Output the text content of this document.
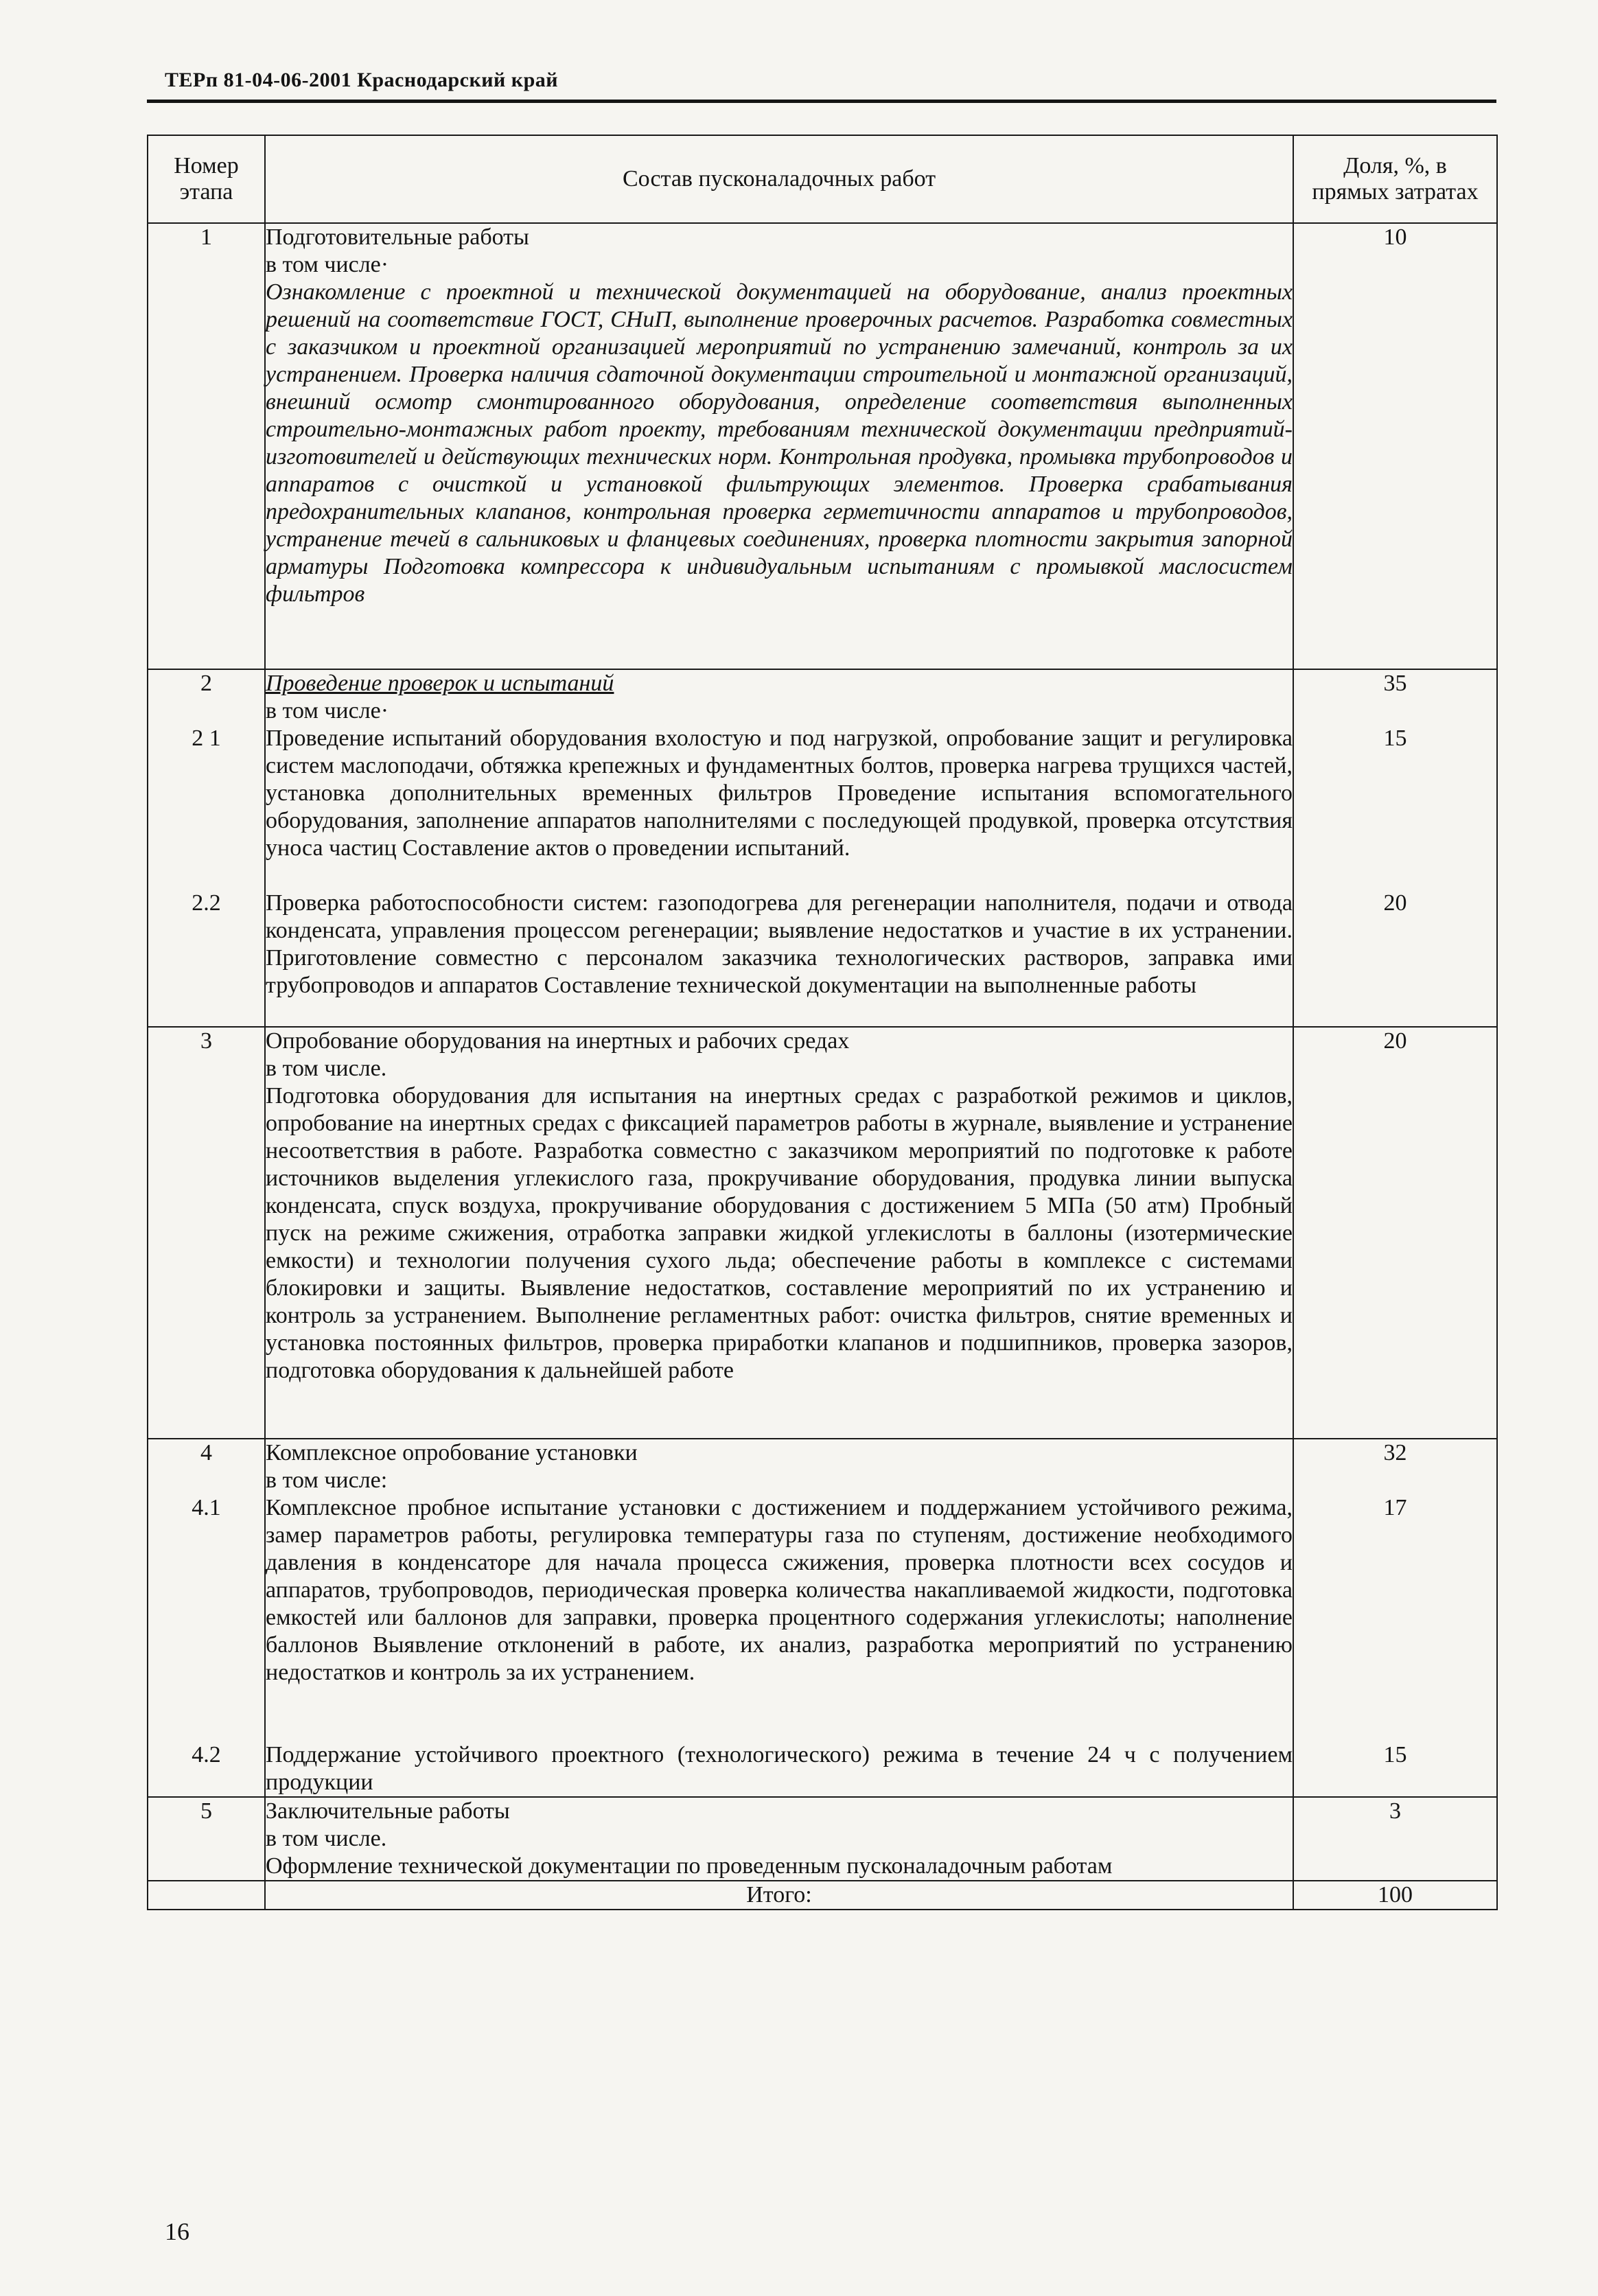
ТЕРп 81-04-06-2001 Краснодарский край
Номер этапа	Состав пусконаладочных работ	Доля, %, в прямых затратах

1	Подготовительные работы
в том числе·
Ознакомление с проектной и технической документацией на оборудование, анализ проектных решений на соответствие ГОСТ, СНиП, выполнение проверочных расчетов. Разработка совместных с заказчиком и проектной организацией мероприятий по устранению замечаний, контроль за их устранением. Проверка наличия сдаточной документации строительной и монтажной организаций, внешний осмотр смонтированного оборудования, определение соответствия выполненных строительно-монтажных работ проекту, требованиям технической документации предприятий-изготовителей и действующих технических норм. Контрольная продувка, промывка трубопроводов и аппаратов с очисткой и установкой фильтрующих элементов. Проверка срабатывания предохранительных клапанов, контрольная проверка герметичности аппаратов и трубопроводов, устранение течей в сальниковых и фланцевых соединениях, проверка плотности закрытия запорной арматуры Подготовка компрессора к индивидуальным испытаниям с промывкой маслосистем фильтров	10
2	Проведение проверок и испытаний
в том числе·	35
2 1	Проведение испытаний оборудования вхолостую и под нагрузкой, опробование защит и регулировка систем маслоподачи, обтяжка крепежных и фундаментных болтов, проверка нагрева трущихся частей, установка дополнительных временных фильтров Проведение испытания вспомогательного оборудования, заполнение аппаратов наполнителями с последующей продувкой, проверка отсутствия уноса частиц Составление актов о проведении испытаний.	15
2.2	Проверка работоспособности систем: газоподогрева для регенерации наполнителя, подачи и отвода конденсата, управления процессом регенерации; выявление недостатков и участие в их устранении. Приготовление совместно с персоналом заказчика технологических растворов, заправка ими трубопроводов и аппаратов Составление технической документации на выполненные работы	20
3	Опробование оборудования на инертных и рабочих средах
в том числе.
Подготовка оборудования для испытания на инертных средах с разработкой режимов и циклов, опробование на инертных средах с фиксацией параметров работы в журнале, выявление и устранение несоответствия в работе. Разработка совместно с заказчиком мероприятий по подготовке к работе источников выделения углекислого газа, прокручивание оборудования, продувка линии выпуска конденсата, спуск воздуха, прокручивание оборудования с достижением 5 МПа (50 атм) Пробный пуск на режиме сжижения, отработка заправки жидкой углекислоты в баллоны (изотермические емкости) и технологии получения сухого льда; обеспечение работы в комплексе с системами блокировки и защиты. Выявление недостатков, составление мероприятий по их устранению и контроль за устранением. Выполнение регламентных работ: очистка фильтров, снятие временных и установка постоянных фильтров, проверка приработки клапанов и подшипников, проверка зазоров, подготовка оборудования к дальнейшей работе	20
4	Комплексное опробование установки
в том числе:	32
4.1	Комплексное пробное испытание установки с достижением и поддержанием устойчивого режима, замер параметров работы, регулировка температуры газа по ступеням, достижение необходимого давления в конденсаторе для начала процесса сжижения, проверка плотности всех сосудов и аппаратов, трубопроводов, периодическая проверка количества накапливаемой жидкости, подготовка емкостей или баллонов для заправки, проверка процентного содержания углекислоты; наполнение баллонов Выявление отклонений в работе, их анализ, разработка мероприятий по устранению недостатков и контроль за их устранением.	17
4.2	Поддержание устойчивого проектного (технологического) режима в течение 24 ч с получением продукции	15
5	Заключительные работы
в том числе.
Оформление технической документации по проведенным пусконаладочным работам	3
	Итого:	100
16
